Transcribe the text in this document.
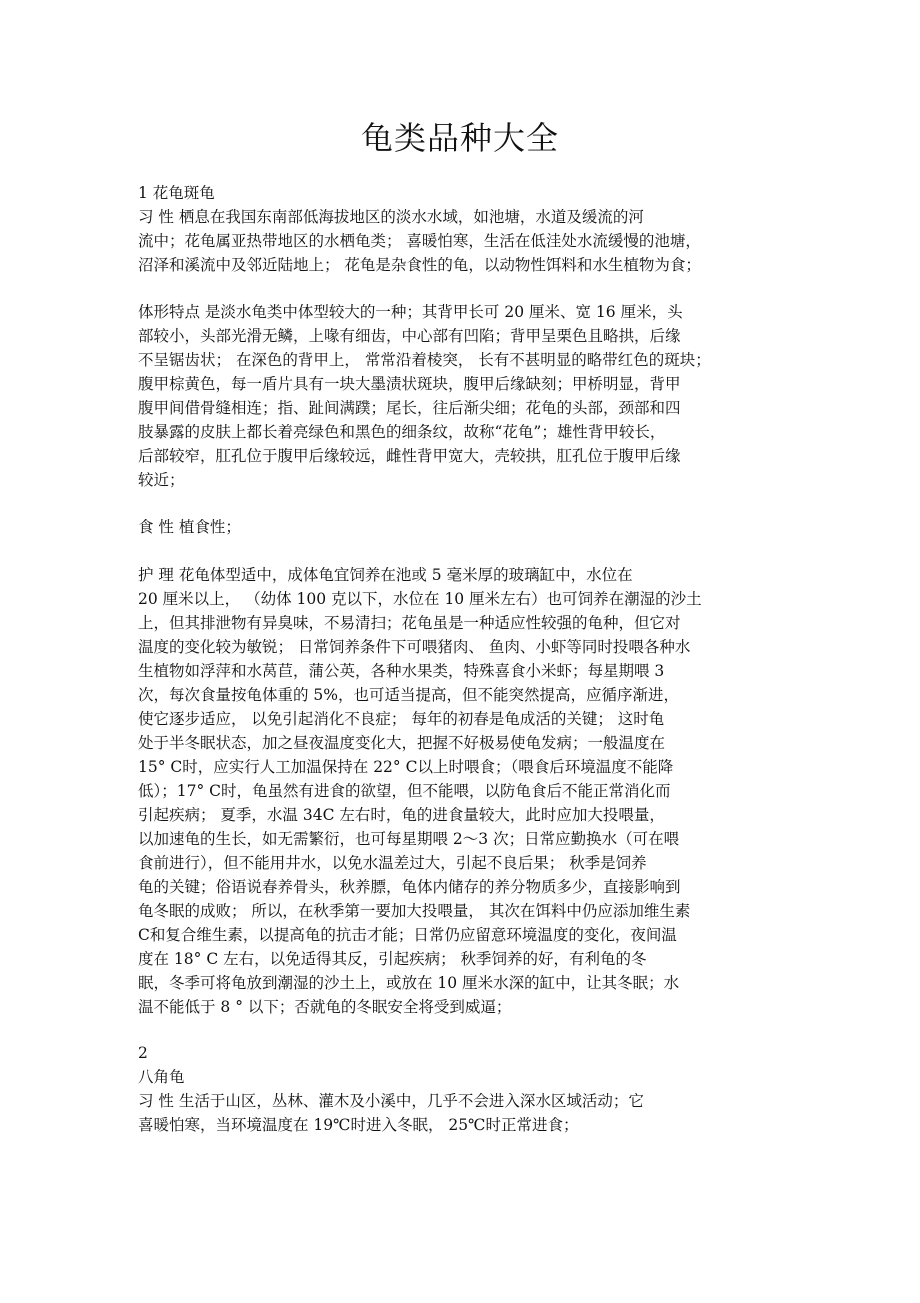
龟类品种大全
1 花龟斑龟
习 性 栖息在我国东南部低海拔地区的淡水水域，如池塘，水道及缓流的河
流中；花龟属亚热带地区的水栖龟类； 喜暖怕寒，生活在低洼处水流缓慢的池塘，
沼泽和溪流中及邻近陆地上； 花龟是杂食性的龟，以动物性饵料和水生植物为食；
体形特点 是淡水龟类中体型较大的一种；其背甲长可 20 厘米、宽 16 厘米，头
部较小，头部光滑无鳞，上喙有细齿，中心部有凹陷；背甲呈栗色且略拱，后缘
不呈锯齿状； 在深色的背甲上， 常常沿着棱突， 长有不甚明显的略带红色的斑块；
腹甲棕黄色，每一盾片具有一块大墨渍状斑块，腹甲后缘缺刻；甲桥明显，背甲
腹甲间借骨缝相连；指、趾间满蹼；尾长，往后渐尖细；花龟的头部，颈部和四
肢暴露的皮肤上都长着亮绿色和黑色的细条纹，故称“花龟”；雄性背甲较长，
后部较窄，肛孔位于腹甲后缘较远，雌性背甲宽大，壳较拱，肛孔位于腹甲后缘
较近；
食 性 植食性；
护 理 花龟体型适中，成体龟宜饲养在池或 5 毫米厚的玻璃缸中，水位在
20 厘米以上， （幼体 100 克以下，水位在 10 厘米左右）也可饲养在潮湿的沙土
上，但其排泄物有异臭味，不易清扫；花龟虽是一种适应性较强的龟种，但它对
温度的变化较为敏锐； 日常饲养条件下可喂猪肉、 鱼肉、小虾等同时投喂各种水
生植物如浮萍和水莴苣，蒲公英，各种水果类，特殊喜食小米虾；每星期喂 3
次，每次食量按龟体重的 5%，也可适当提高，但不能突然提高，应循序渐进，
使它逐步适应， 以免引起消化不良症； 每年的初春是龟成活的关键； 这时龟
处于半冬眠状态，加之昼夜温度变化大，把握不好极易使龟发病；一般温度在
15° C时，应实行人工加温保持在 22° C以上时喂食；（喂食后环境温度不能降
低）；17° C时，龟虽然有进食的欲望，但不能喂，以防龟食后不能正常消化而
引起疾病； 夏季，水温 34C 左右时，龟的进食量较大，此时应加大投喂量，
以加速龟的生长，如无需繁衍，也可每星期喂 2～3 次；日常应勤换水（可在喂
食前进行），但不能用井水，以免水温差过大，引起不良后果； 秋季是饲养
龟的关键；俗语说春养骨头，秋养膘，龟体内储存的养分物质多少，直接影响到
龟冬眠的成败； 所以，在秋季第一要加大投喂量， 其次在饵料中仍应添加维生素
C和复合维生素，以提高龟的抗击才能；日常仍应留意环境温度的变化，夜间温
度在 18° C 左右，以免适得其反，引起疾病； 秋季饲养的好，有利龟的冬
眠，冬季可将龟放到潮湿的沙土上，或放在 10 厘米水深的缸中，让其冬眠；水
温不能低于 8 ° 以下；否就龟的冬眠安全将受到威逼；
2
八角龟
习 性 生活于山区，丛林、灌木及小溪中，几乎不会进入深水区域活动；它
喜暖怕寒，当环境温度在 19℃时进入冬眠， 25℃时正常进食；
